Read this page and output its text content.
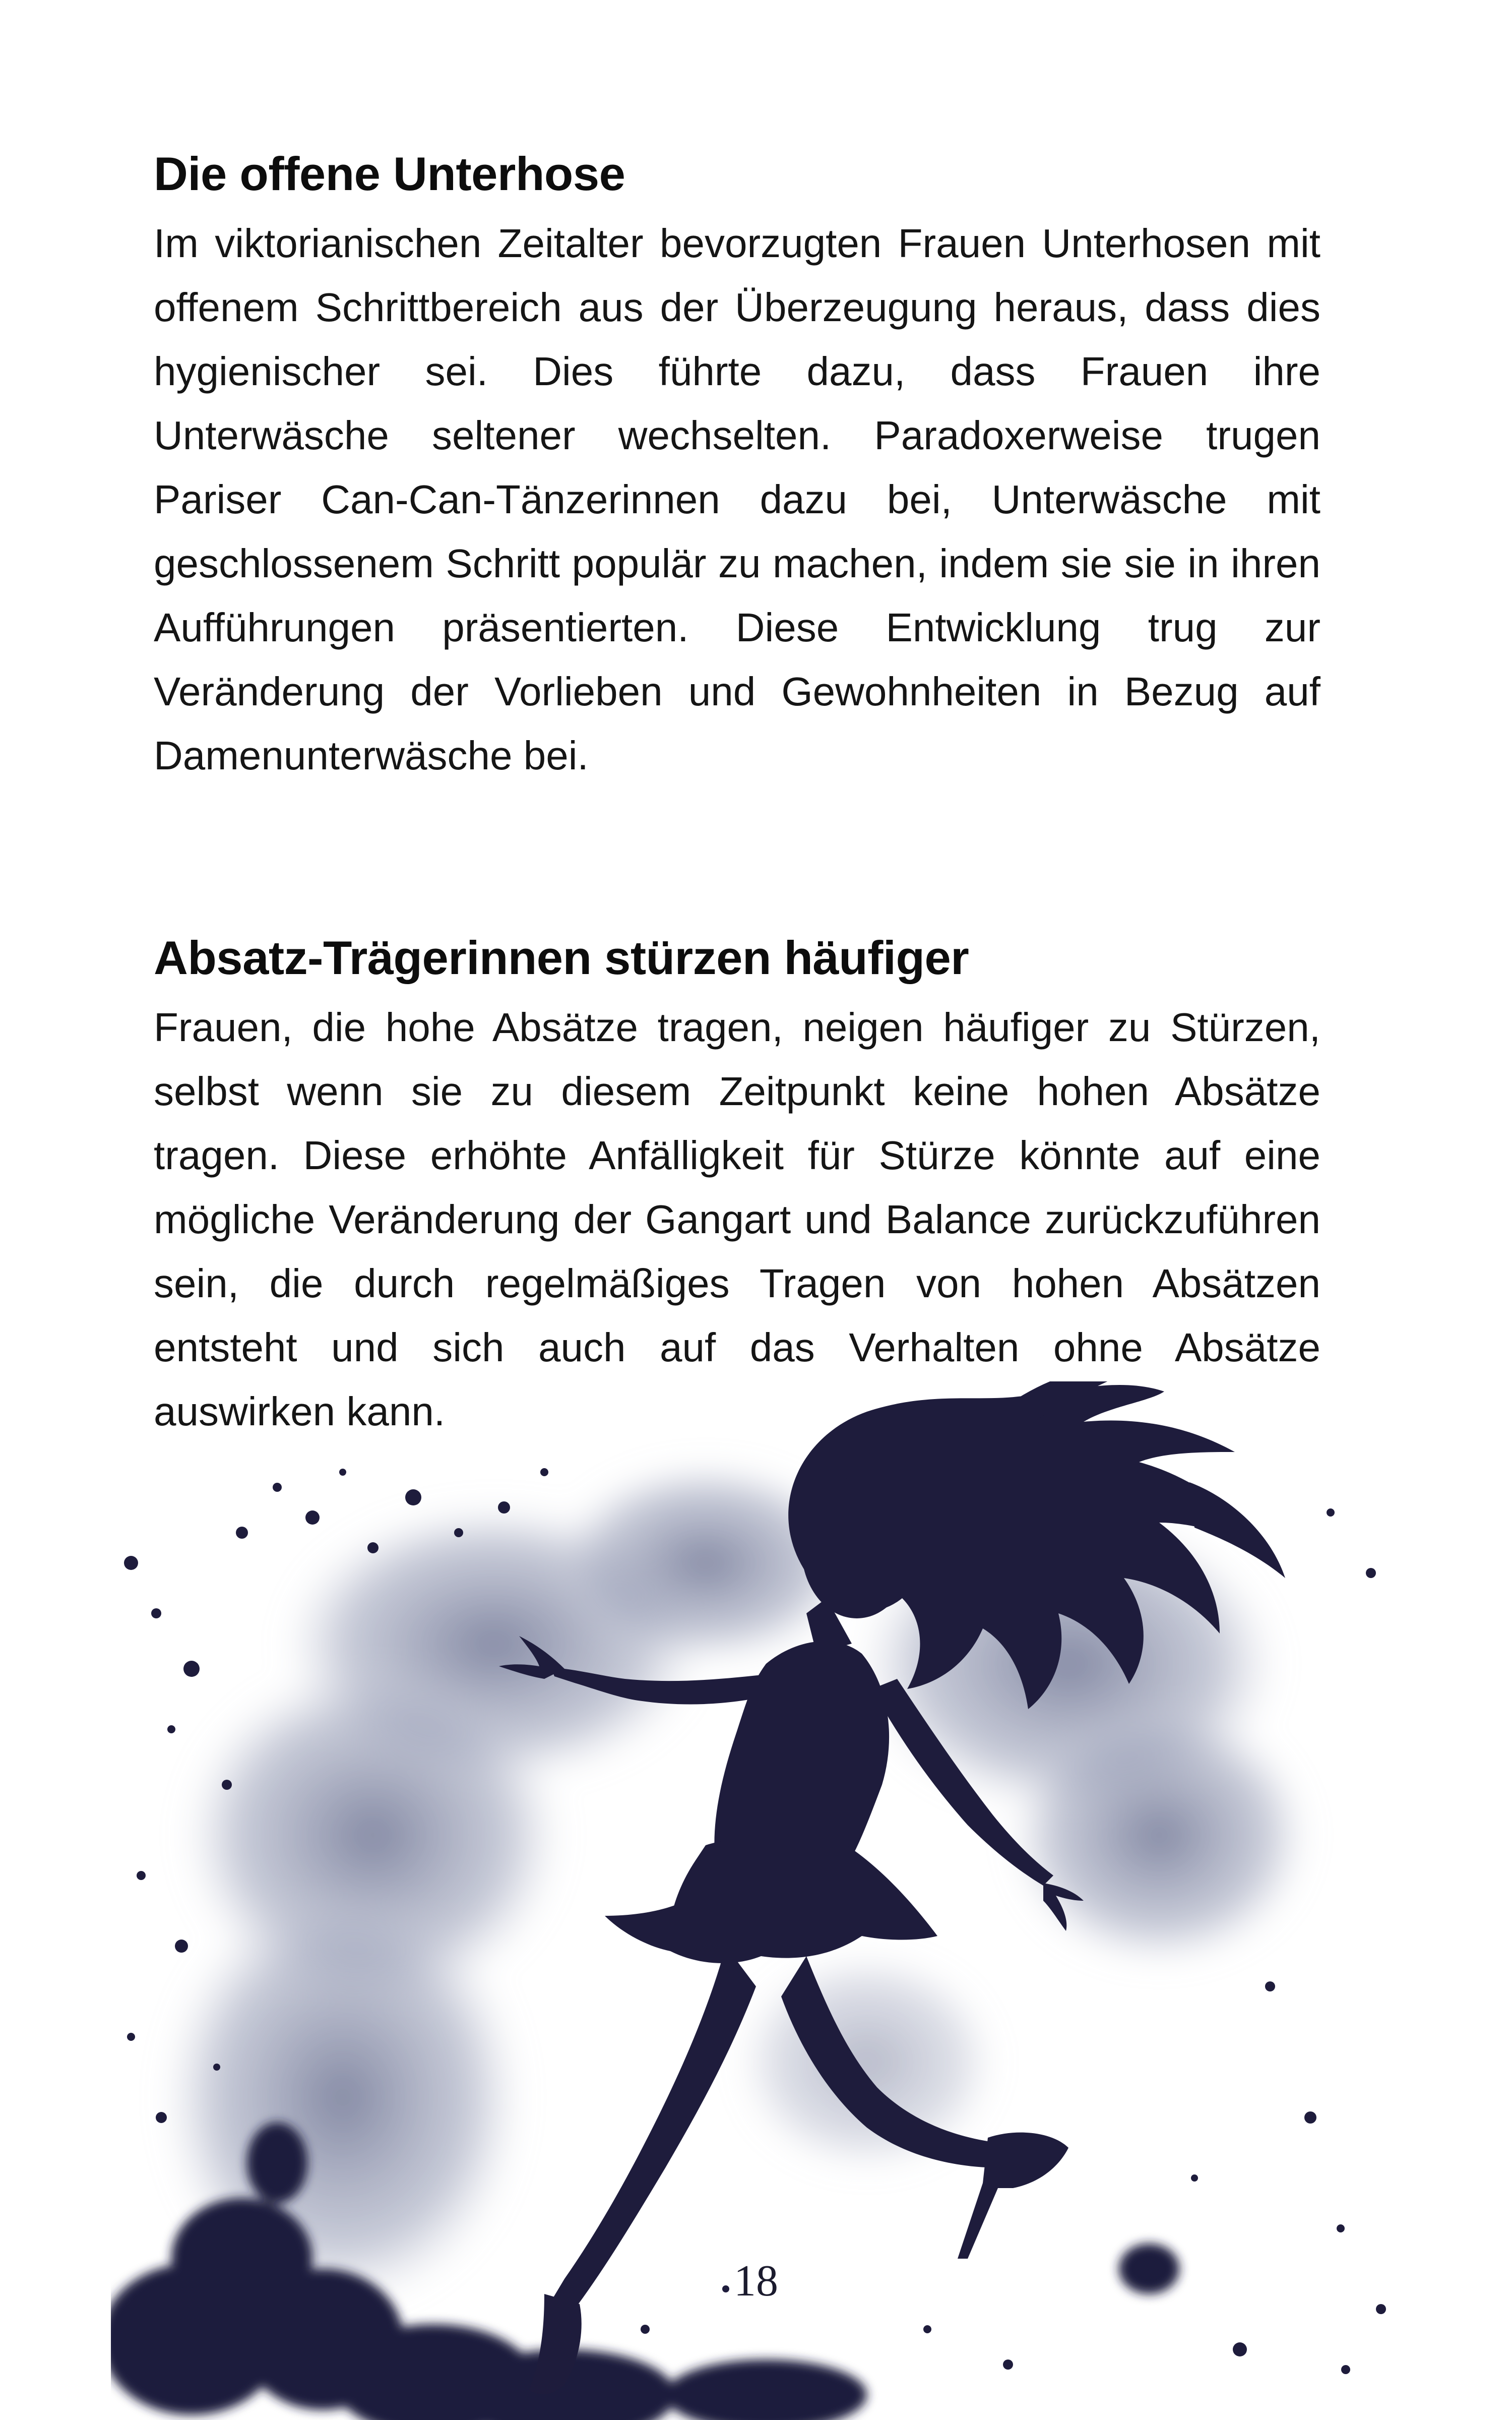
Die offene Unterhose

Im viktorianischen Zeitalter bevorzugten Frauen Unterhosen mit offenem Schrittbereich aus der Überzeugung heraus, dass dies hygienischer sei. Dies führte dazu, dass Frauen ihre Unterwäsche seltener wechselten. Paradoxerweise trugen Pariser Can-Can-Tänzerinnen dazu bei, Unterwäsche mit geschlossenem Schritt populär zu machen, indem sie sie in ihren Aufführungen präsentierten. Diese Entwicklung trug zur Veränderung der Vorlieben und Gewohnheiten in Bezug auf Damenunterwäsche bei.

Absatz-Trägerinnen stürzen häufiger

Frauen, die hohe Absätze tragen, neigen häufiger zu Stürzen, selbst wenn sie zu diesem Zeitpunkt keine hohen Absätze tragen. Diese erhöhte Anfälligkeit für Stürze könnte auf eine mögliche Veränderung der Gangart und Balance zurückzuführen sein, die durch regelmäßiges Tragen von hohen Absätzen entsteht und sich auch auf das Verhalten ohne Absätze auswirken kann.

18
